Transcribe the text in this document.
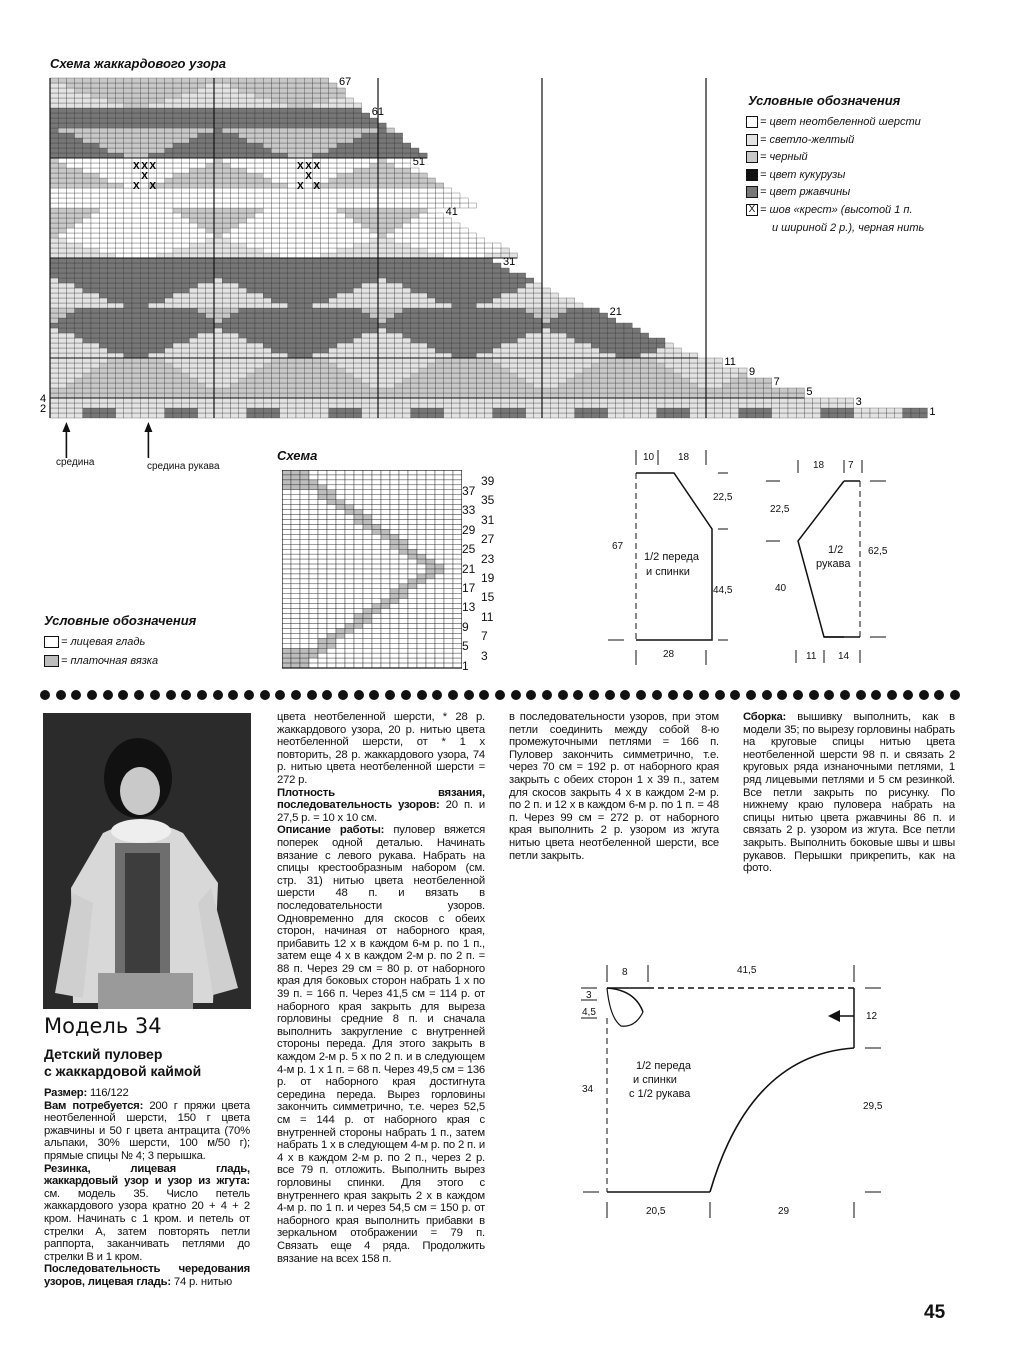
Схема жаккардового узора
X X
X
X
X X
X X
X
X
X X
67
61
51
41
31
21
11
9
7
5
3
1
4
2
средина	средина рукава
Условные обозначения
= цвет неотбеленной шерсти
= светло-желтый
= черный
= цвет кукурузы
= цвет ржавчины
X = шов «крест» (высотой 1 п.
и шириной 2 р.), черная нить
Схема
37
33
29
25
21
17
13
9
5
1
39
35
31
27
23
19
15
11
7
3
Условные обозначения
= лицевая гладь
= платочная вязка
10 18
22,5
67
44,5
28
1/2 переда
и спинки
18 7
22,5
40
62,5
11 14
1/2
рукава
Модель 34
Детский пуловер
с жаккардовой каймой

Размер: 116/122

Вам потребуется: 200 г пряжи цвета неотбеленной шерсти, 150 г цвета ржавчины и 50 г цвета антрацита (70% альпаки, 30% шерсти, 100 м/50 г); прямые спицы № 4; 3 перышка.

Резинка, лицевая гладь, жаккардовый узор и узор из жгута: см. модель 35. Число петель жаккардового узора кратно 20 + 4 + 2 кром. Начинать с 1 кром. и петель от стрелки А, затем повторять петли раппорта, заканчивать петлями до стрелки В и 1 кром.

Последовательность чередования узоров, лицевая гладь: 74 р. нитью

цвета неотбеленной шерсти, * 28 р. жаккардового узора, 20 р. нитью цвета неотбеленной шерсти, от * 1 х повторить, 28 р. жаккардового узора, 74 р. нитью цвета неотбеленной шерсти = 272 р.

Плотность вязания, последовательность узоров: 20 п. и 27,5 р. = 10 х 10 см.

Описание работы: пуловер вяжется поперек одной деталью. Начинать вязание с левого рукава. Набрать на спицы крестообразным набором (см. стр. 31) нитью цвета неотбеленной шерсти 48 п. и вязать в последовательности узоров. Одновременно для скосов с обеих сторон, начиная от наборного края, прибавить 12 х в каждом 6-м р. по 1 п., затем еще 4 х в каждом 2-м р. по 2 п. = 88 п. Через 29 см = 80 р. от наборного края для боковых сторон набрать 1 х по 39 п. = 166 п. Через 41,5 см = 114 р. от наборного края закрыть для выреза горловины средние 8 п. и сначала выполнить закругление с внутренней стороны переда. Для этого закрыть в каждом 2-м р. 5 х по 2 п. и в следующем 4-м р. 1 х 1 п. = 68 п. Через 49,5 см = 136 р. от наборного края достигнута середина переда. Вырез горловины закончить симметрично, т.е. через 52,5 см = 144 р. от наборного края с внутренней стороны набрать 1 п., затем набрать 1 х в следующем 4-м р. по 2 п. и 4 х в каждом 2-м р. по 2 п., через 2 р. все 79 п. отложить. Выполнить вырез горловины спинки. Для этого с внутреннего края закрыть 2 х в каждом 4-м р. по 1 п. и через 54,5 см = 150 р. от наборного края выполнить прибавки в зеркальном отображении = 79 п. Связать еще 4 ряда. Продолжить вязание на всех 158 п.

в последовательности узоров, при этом петли соединить между собой 8-ю промежуточными петлями = 166 п. Пуловер закончить симметрично, т.е. через 70 см = 192 р. от наборного края закрыть с обеих сторон 1 х 39 п., затем для скосов закрыть 4 х в каждом 2-м р. по 2 п. и 12 х в каждом 6-м р. по 1 п. = 48 п. Через 99 см = 272 р. от наборного края выполнить 2 р. узором из жгута нитью цвета неотбеленной шерсти, все петли закрыть.

Сборка: вышивку выполнить, как в модели 35; по вырезу горловины набрать на круговые спицы нитью цвета неотбеленной шерсти 98 п. и связать 2 круговых ряда изнаночными петлями, 1 ряд лицевыми петлями и 5 см резинкой. Все петли закрыть по рисунку. По нижнему краю пуловера набрать на спицы нитью цвета ржавчины 86 п. и связать 2 р. узором из жгута. Все петли закрыть. Выполнить боковые швы и швы рукавов. Перышки прикрепить, как на фото.

8	41,5
3
4,5	12
34
29,5
20,5	29
1/2 переда
и спинки
с 1/2 рукава
45
